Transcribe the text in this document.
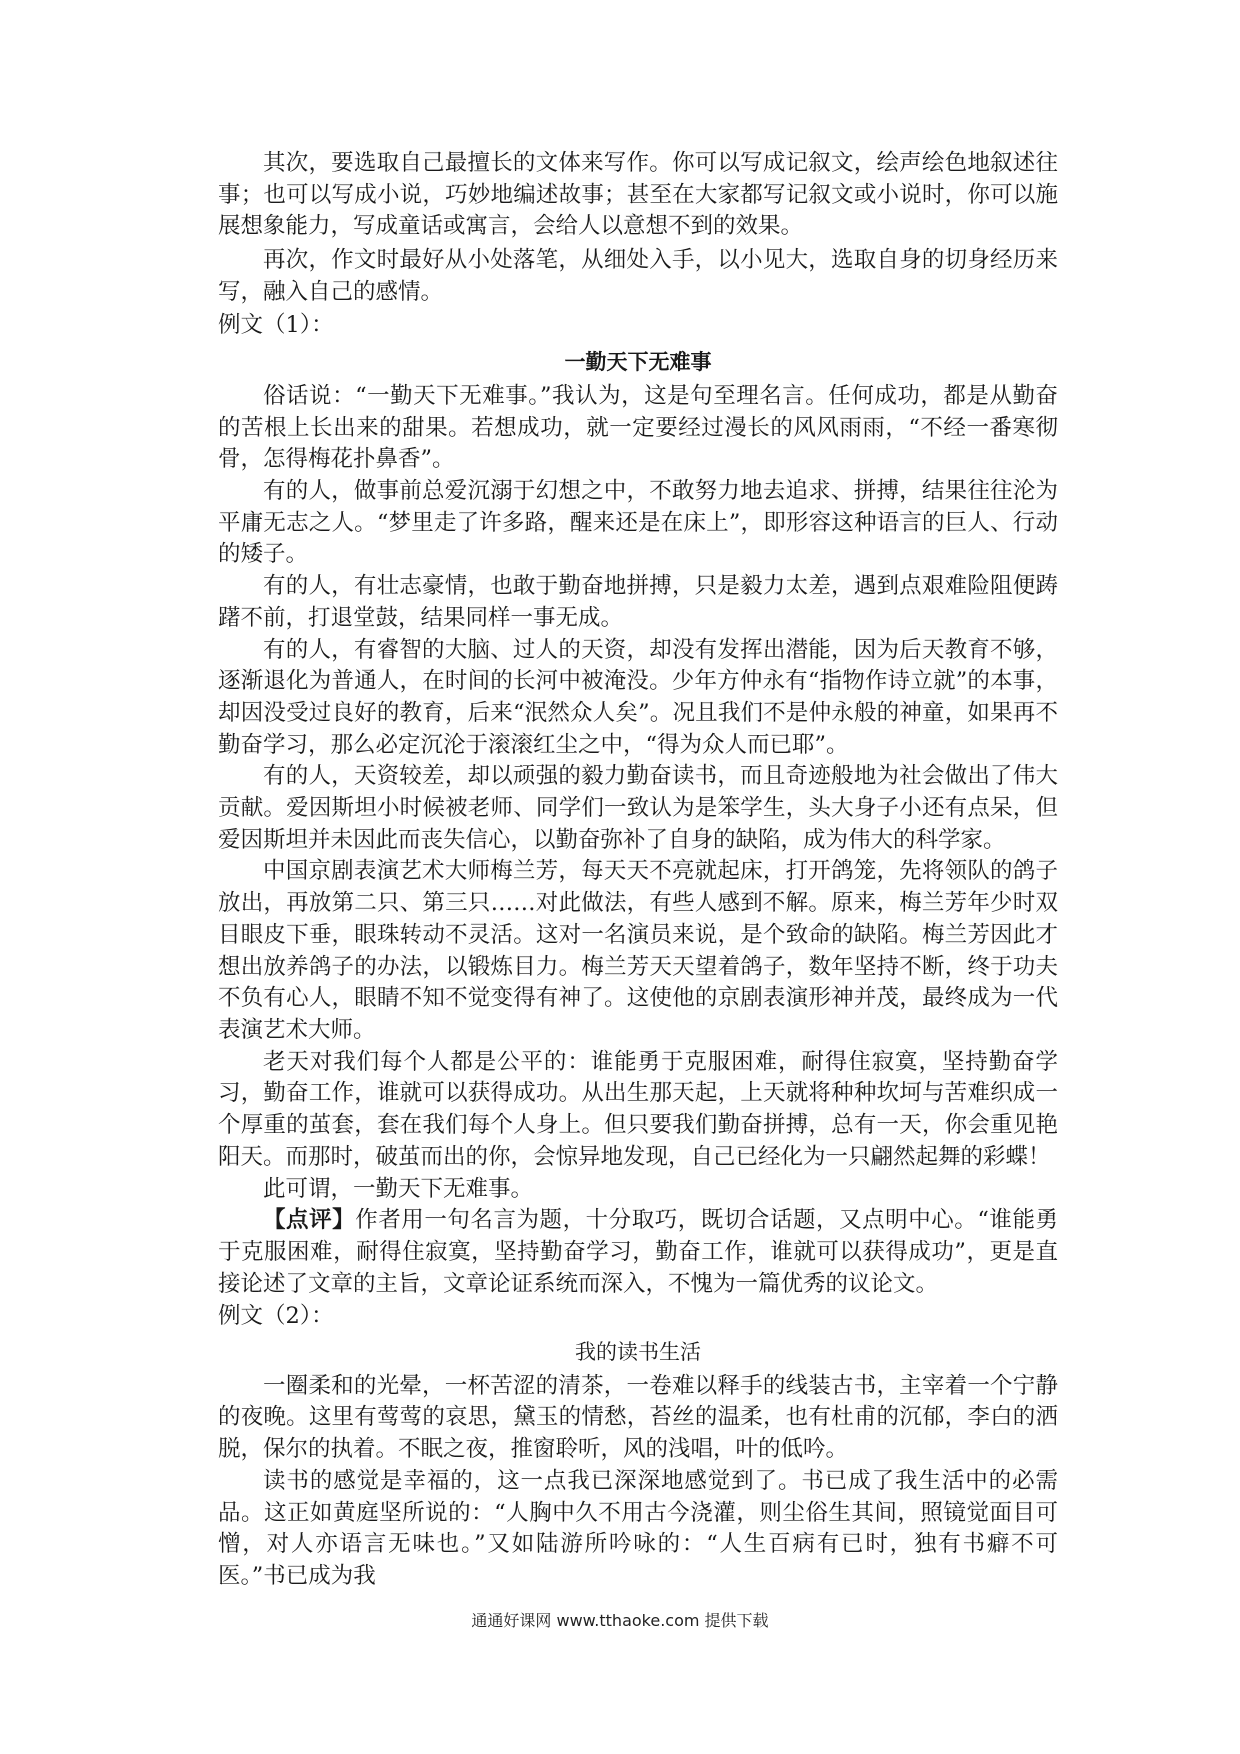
其次，要选取自己最擅长的文体来写作。你可以写成记叙文，绘声绘色地叙述往事；也可以写成小说，巧妙地编述故事；甚至在大家都写记叙文或小说时，你可以施展想象能力，写成童话或寓言，会给人以意想不到的效果。

再次，作文时最好从小处落笔，从细处入手，以小见大，选取自身的切身经历来写，融入自己的感情。

例文（1）：

一勤天下无难事

俗话说：“一勤天下无难事。”我认为，这是句至理名言。任何成功，都是从勤奋的苦根上长出来的甜果。若想成功，就一定要经过漫长的风风雨雨，“不经一番寒彻骨，怎得梅花扑鼻香”。

有的人，做事前总爱沉溺于幻想之中，不敢努力地去追求、拼搏，结果往往沦为平庸无志之人。“梦里走了许多路，醒来还是在床上”，即形容这种语言的巨人、行动的矮子。

有的人，有壮志豪情，也敢于勤奋地拼搏，只是毅力太差，遇到点艰难险阻便踌躇不前，打退堂鼓，结果同样一事无成。

有的人，有睿智的大脑、过人的天资，却没有发挥出潜能，因为后天教育不够，逐渐退化为普通人，在时间的长河中被淹没。少年方仲永有“指物作诗立就”的本事，却因没受过良好的教育，后来“泯然众人矣”。况且我们不是仲永般的神童，如果再不勤奋学习，那么必定沉沦于滚滚红尘之中，“得为众人而已耶”。

有的人，天资较差，却以顽强的毅力勤奋读书，而且奇迹般地为社会做出了伟大贡献。爱因斯坦小时候被老师、同学们一致认为是笨学生，头大身子小还有点呆，但爱因斯坦并未因此而丧失信心，以勤奋弥补了自身的缺陷，成为伟大的科学家。

中国京剧表演艺术大师梅兰芳，每天天不亮就起床，打开鸽笼，先将领队的鸽子放出，再放第二只、第三只……对此做法，有些人感到不解。原来，梅兰芳年少时双目眼皮下垂，眼珠转动不灵活。这对一名演员来说，是个致命的缺陷。梅兰芳因此才想出放养鸽子的办法，以锻炼目力。梅兰芳天天望着鸽子，数年坚持不断，终于功夫不负有心人，眼睛不知不觉变得有神了。这使他的京剧表演形神并茂，最终成为一代表演艺术大师。

老天对我们每个人都是公平的：谁能勇于克服困难，耐得住寂寞，坚持勤奋学习，勤奋工作，谁就可以获得成功。从出生那天起，上天就将种种坎坷与苦难织成一个厚重的茧套，套在我们每个人身上。但只要我们勤奋拼搏，总有一天，你会重见艳阳天。而那时，破茧而出的你，会惊异地发现，自己已经化为一只翩然起舞的彩蝶！

此可谓，一勤天下无难事。

【点评】作者用一句名言为题，十分取巧，既切合话题，又点明中心。“谁能勇于克服困难，耐得住寂寞，坚持勤奋学习，勤奋工作，谁就可以获得成功”，更是直接论述了文章的主旨，文章论证系统而深入，不愧为一篇优秀的议论文。

例文（2）：

我的读书生活

一圈柔和的光晕，一杯苦涩的清茶，一卷难以释手的线装古书，主宰着一个宁静的夜晚。这里有莺莺的哀思，黛玉的情愁，苔丝的温柔，也有杜甫的沉郁，李白的洒脱，保尔的执着。不眠之夜，推窗聆听，风的浅唱，叶的低吟。

读书的感觉是幸福的，这一点我已深深地感觉到了。书已成了我生活中的必需品。这正如黄庭坚所说的：“人胸中久不用古今浇灌，则尘俗生其间，照镜觉面目可憎，对人亦语言无味也。”又如陆游所吟咏的：“人生百病有已时，独有书癖不可医。”书已成为我

通通好课网 www.tthaoke.com 提供下载
